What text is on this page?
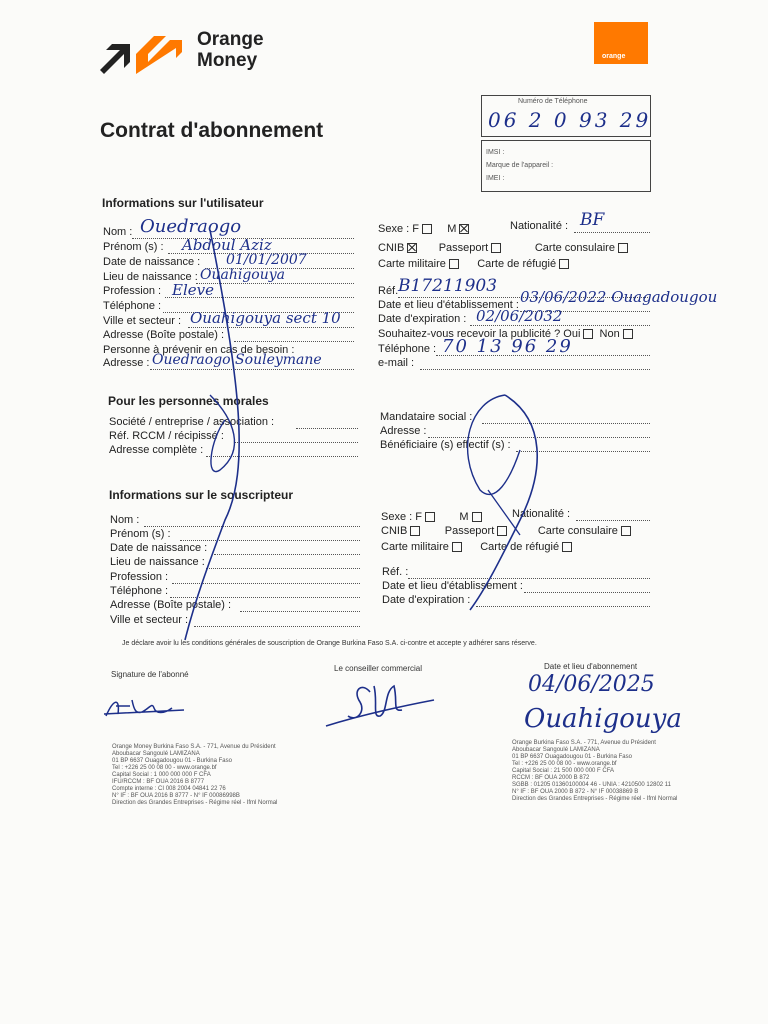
Orange
Money	orange
Contrat d'abonnement
Numéro de Téléphone
06 2 0 93 29
IMSI :
Marque de l'appareil :
IMEI :
Informations sur l'utilisateur
Nom : Ouedraogo
Prénom (s) : Abdoul Aziz
Date de naissance : 01/01/2007
Lieu de naissance : Ouahigouya
Profession : Eleve
Téléphone :
Ville et secteur : Ouahigouya sect 10
Adresse (Boîte postale) :
Personne à prévenir en cas de besoin :
Adresse : Ouedraogo Souleymane
Sexe : F	M	Nationalité : BF
CNIB	Passeport	Carte consulaire
Carte militaire	Carte de réfugié
Réf. B17211903
Date et lieu d'établissement : 03/06/2022 Ouagadougou
Date d'expiration : 02/06/2032
Souhaitez-vous recevoir la publicité ? Oui Non
Téléphone : 70 13 96 29
e-mail :
Pour les personnes morales
Société / entreprise / association :
Réf. RCCM / récipissé :
Adresse complète :
Mandataire social :
Adresse :
Bénéficiaire (s) effectif (s) :
Informations sur le souscripteur
Nom :
Prénom (s) :
Date de naissance :
Lieu de naissance :
Profession :
Téléphone :
Adresse (Boîte postale) :
Ville et secteur :
Sexe : F	M	Nationalité :
CNIB	Passeport	Carte consulaire
Carte militaire	Carte de réfugié
Réf. :
Date et lieu d'établissement :
Date d'expiration :
Je déclare avoir lu les conditions générales de souscription de Orange Burkina Faso S.A. ci-contre et accepte y adhérer sans réserve.
Signature de l'abonné
Le conseiller commercial	Date et lieu d'abonnement
04/06/2025
Ouahigouya
Orange Money Burkina Faso S.A. - 771, Avenue du Président
Aboubacar Sangoulé LAMIZANA
01 BP 6637 Ouagadougou 01 - Burkina Faso
Tel : +226 25 00 08 00 - www.orange.bf
Capital Social : 1 000 000 000 F CFA
IFU/RCCM : BF OUA 2016 B 8777
Compte interne : CI 008 2004 04841 22 76
N° IF : BF OUA 2016 B 8777 - N° IF 00086998B
Direction des Grandes Entreprises - Régime réel - Ifml Normal
Orange Burkina Faso S.A. - 771, Avenue du Président
Aboubacar Sangoulé LAMIZANA
01 BP 6637 Ouagadougou 01 - Burkina Faso
Tel : +226 25 00 08 00 - www.orange.bf
Capital Social : 21 500 000 000 F CFA
RCCM : BF OUA 2000 B 872
SGBB : 01205 01360100004 46 - UNIA : 4210500 12802 11
N° IF : BF OUA 2000 B 872 - N° IF 00038869 B
Direction des Grandes Entreprises - Régime réel - Ifml Normal
